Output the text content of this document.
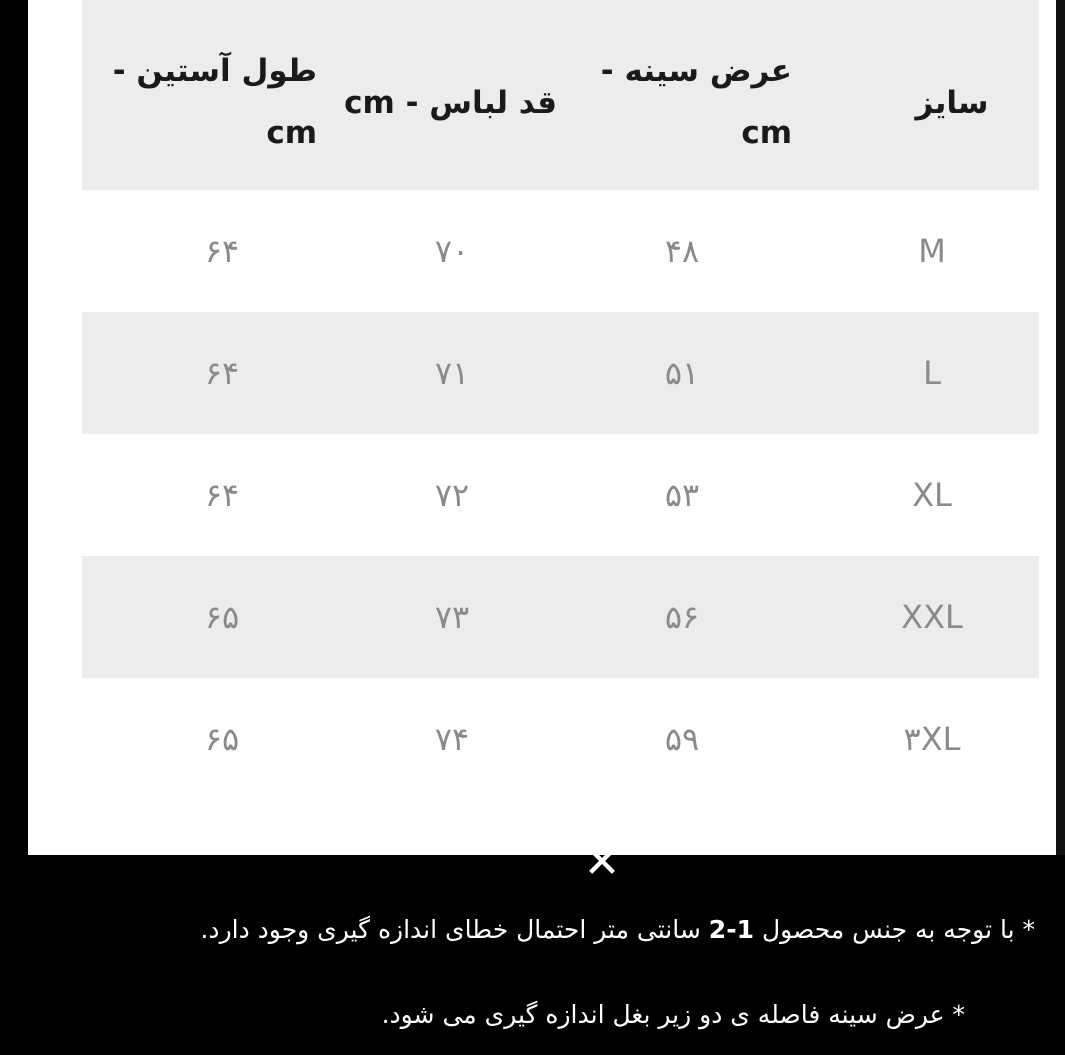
سایز
عرض سینه - cm
قد لباس - cm
طول آستین - cm
M
۴۸
۷۰
۶۴
L
۵۱
۷۱
۶۴
XL
۵۳
۷۲
۶۴
XXL
۵۶
۷۳
۶۵
۳XL
۵۹
۷۴
۶۵
✕
* با توجه به جنس محصول 1-2 سانتی متر احتمال خطای اندازه گیری وجود دارد.
* عرض سینه فاصله ی دو زیر بغل اندازه گیری می شود.
